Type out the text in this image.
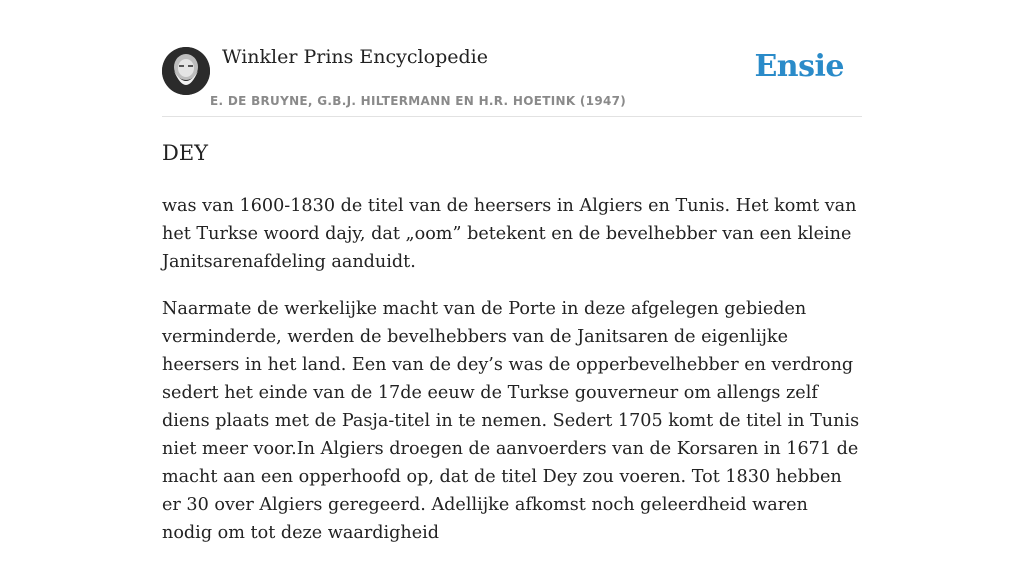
Winkler Prins Encyclopedie
E. DE BRUYNE, G.B.J. HILTERMANN EN H.R. HOETINK (1947)
Ensie
DEY

was van 1600-1830 de titel van de heersers in Algiers en Tunis. Het komt van het Turkse woord dajy, dat „oom” betekent en de bevelhebber van een kleine Janitsarenafdeling aanduidt.

Naarmate de werkelijke macht van de Porte in deze afgelegen gebieden verminderde, werden de bevelhebbers van de Janitsaren de eigenlijke heersers in het land. Een van de dey’s was de opperbevelhebber en verdrong sedert het einde van de 17de eeuw de Turkse gouverneur om allengs zelf diens plaats met de Pasja-titel in te nemen. Sedert 1705 komt de titel in Tunis niet meer voor.In Algiers droegen de aanvoerders van de Korsaren in 1671 de macht aan een opperhoofd op, dat de titel Dey zou voeren. Tot 1830 hebben er 30 over Algiers geregeerd. Adellijke afkomst noch geleerdheid waren nodig om tot deze waardigheid
